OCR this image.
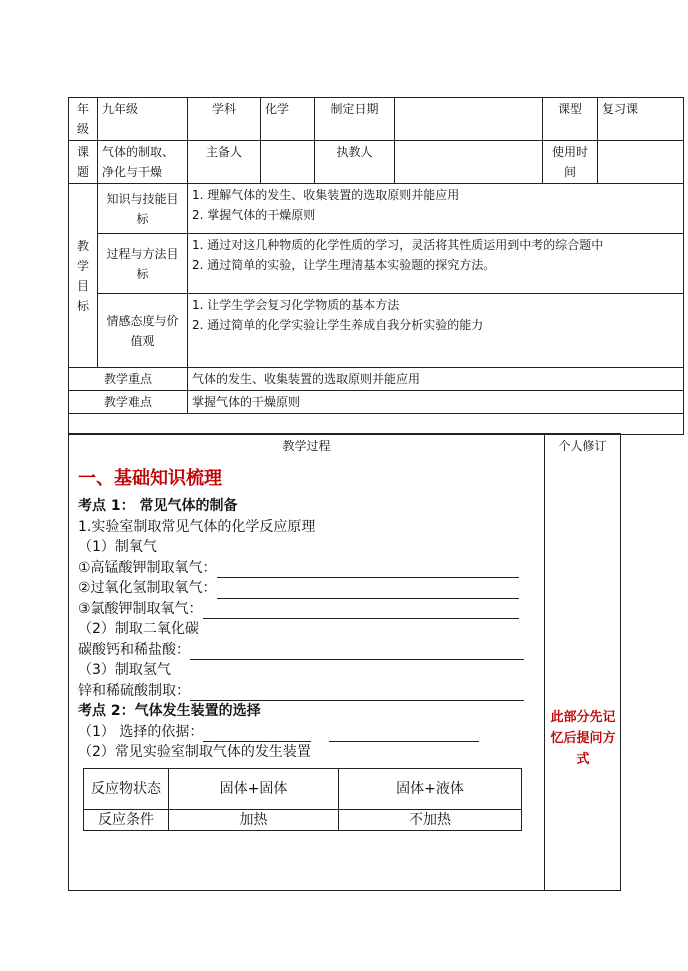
年级	九年级	学科	化学	制定日期		课型	复习课
课题	气体的制取、净化与干燥	主备人		执教人		使用时间	
教学目标	知识与技能目标	1. 理解气体的发生、收集装置的选取原则并能应用
2. 掌握气体的干燥原则					

	过程与方法目标	1. 通过对这几种物质的化学性质的学习，灵活将其性质运用到中考的综合题中
2. 通过简单的实验，让学生理清基本实验题的探究方法。					

	情感态度与价值观	1. 让学生学会复习化学物质的基本方法
2. 通过简单的化学实验让学生养成自我分析实验的能力					

教学重点		气体的发生、收集装置的选取原则并能应用					
教学难点		掌握气体的干燥原则					

教学过程
一、基础知识梳理
考点 1： 常见气体的制备
1.实验室制取常见气体的化学反应原理
（1）制氧气
①高锰酸钾制取氧气：
②过氧化氢制取氧气：
③氯酸钾制取氧气：
（2）制取二氧化碳
碳酸钙和稀盐酸：
（3）制取氢气
锌和稀硫酸制取：
考点 2：气体发生装置的选择
（1） 选择的依据：
（2）常见实验室制取气体的发生装置

个人修订
此部分先记忆后提问方式
反应物状态	固体+固体	固体+液体
反应条件	加热	不加热
